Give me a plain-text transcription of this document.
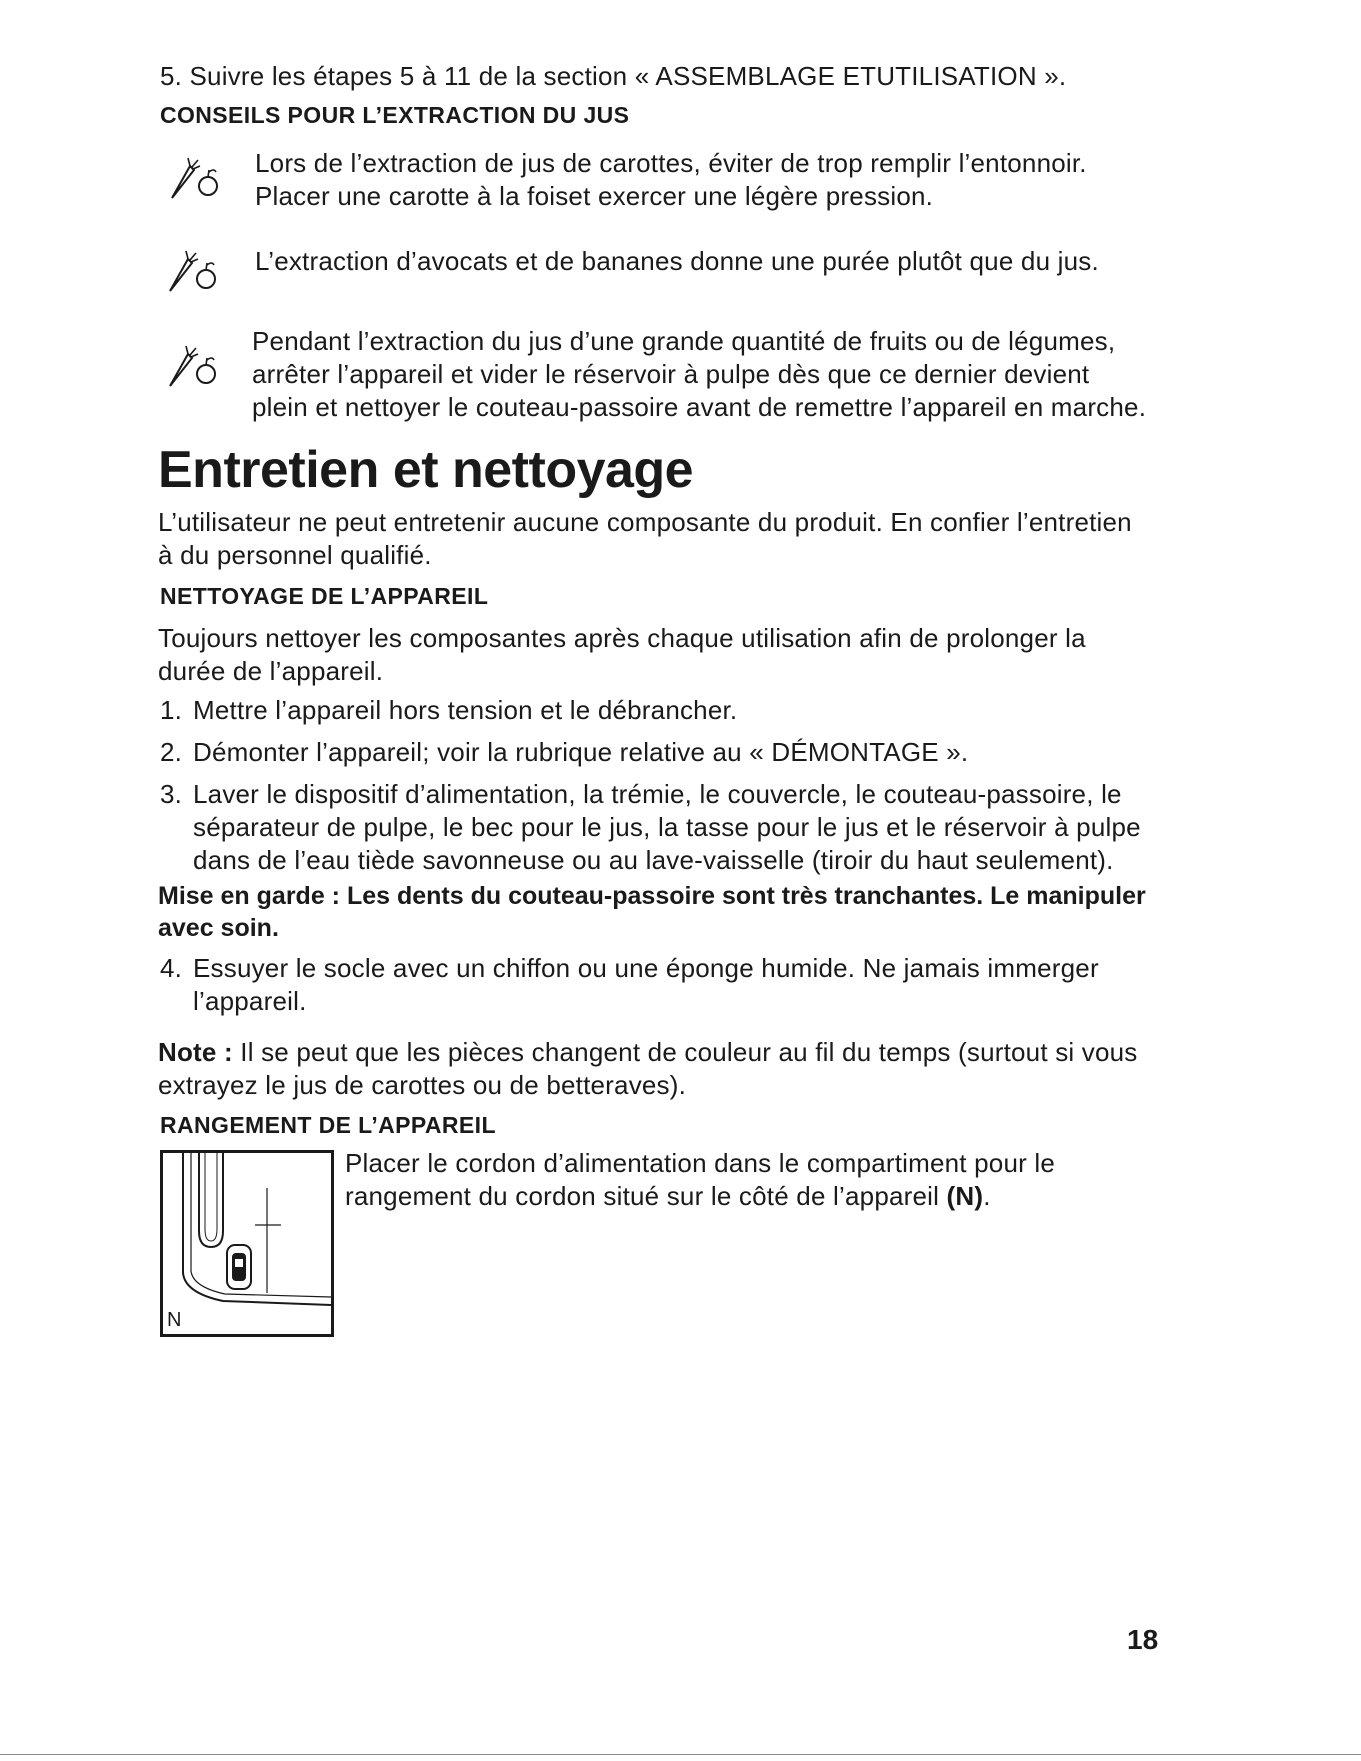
5. Suivre les étapes 5 à 11 de la section « ASSEMBLAGE ETUTILISATION ».
CONSEILS POUR L’EXTRACTION DU JUS
Lors de l’extraction de jus de carottes, éviter de trop remplir l’entonnoir.
Placer une carotte à la foiset exercer une légère pression.
L’extraction d’avocats et de bananes donne une purée plutôt que du jus.
Pendant l’extraction du jus d’une grande quantité de fruits ou de légumes,
arrêter l’appareil et vider le réservoir à pulpe dès que ce dernier devient
plein et nettoyer le couteau-passoire avant de remettre l’appareil en marche.
Entretien et nettoyage
L’utilisateur ne peut entretenir aucune composante du produit. En confier l’entretien
à du personnel qualifié.
NETTOYAGE DE L’APPAREIL
Toujours nettoyer les composantes après chaque utilisation afin de prolonger la
durée de l’appareil.
1. Mettre l’appareil hors tension et le débrancher.
2. Démonter l’appareil; voir la rubrique relative au « DÉMONTAGE ».
3. Laver le dispositif d’alimentation, la trémie, le couvercle, le couteau-passoire, le
séparateur de pulpe, le bec pour le jus, la tasse pour le jus et le réservoir à pulpe
dans de l’eau tiède savonneuse ou au lave-vaisselle (tiroir du haut seulement).
Mise en garde : Les dents du couteau-passoire sont très tranchantes. Le manipuler
avec soin.
4. Essuyer le socle avec un chiffon ou une éponge humide. Ne jamais immerger
l’appareil.
Note : Il se peut que les pièces changent de couleur au fil du temps (surtout si vous
extrayez le jus de carottes ou de betteraves).
RANGEMENT DE L’APPAREIL
N
Placer le cordon d’alimentation dans le compartiment pour le
rangement du cordon situé sur le côté de l’appareil (N).
18
